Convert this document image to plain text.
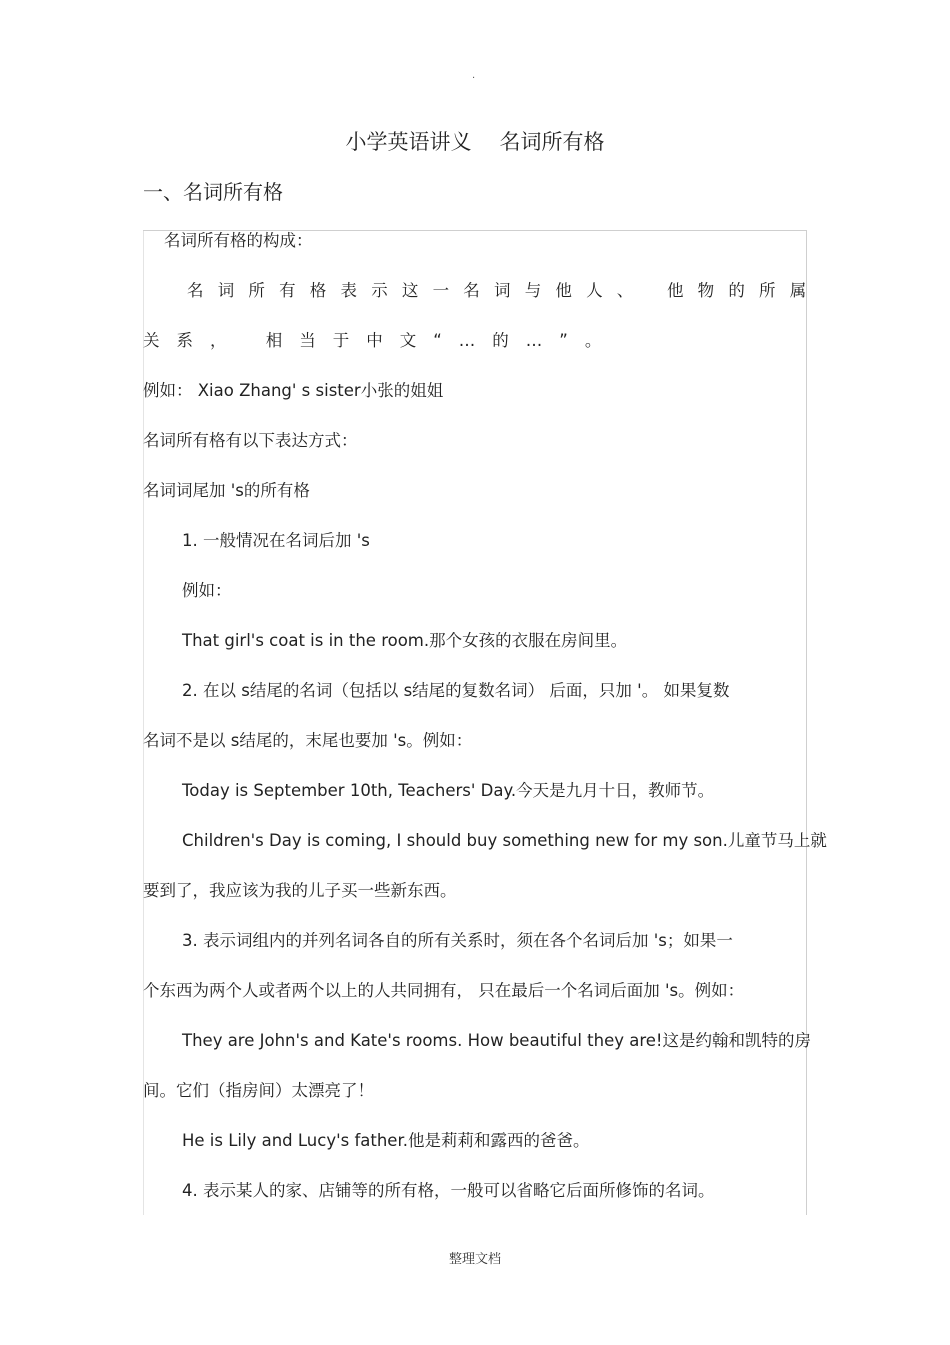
.
小学英语讲义 名词所有格
一、名词所有格
名词所有格的构成：
名词所有格表示这一名词与他人、 他物的所属
关系， 相当于中文“…的…”。
例如： Xiao Zhang' s sister小张的姐姐
名词所有格有以下表达方式：
名词词尾加 's的所有格
1. 一般情况在名词后加 's
例如：
That girl's coat is in the room.那个女孩的衣服在房间里。
2. 在以 s结尾的名词（包括以 s结尾的复数名词） 后面，只加 '。 如果复数
名词不是以 s结尾的，末尾也要加 's。例如：
Today is September 10th, Teachers' Day.今天是九月十日，教师节。
Children's Day is coming, I should buy something new for my son.儿童节马上就
要到了，我应该为我的儿子买一些新东西。
3. 表示词组内的并列名词各自的所有关系时，须在各个名词后加 's；如果一
个东西为两个人或者两个以上的人共同拥有， 只在最后一个名词后面加 's。例如：
They are John's and Kate's rooms. How beautiful they are!这是约翰和凯特的房
间。它们（指房间）太漂亮了！
He is Lily and Lucy's father.他是莉莉和露西的爸爸。
4. 表示某人的家、店铺等的所有格，一般可以省略它后面所修饰的名词。
整理文档
